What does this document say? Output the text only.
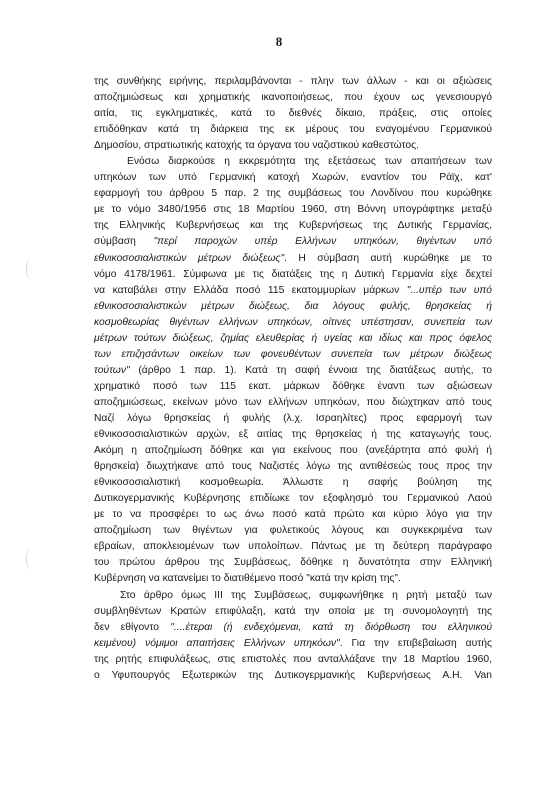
8
της συνθήκης ειρήνης, περιλαμβάνονται - πλην των άλλων - και οι αξιώσεις
αποζημιώσεως και χρηματικής ικανοποιήσεως, που έχουν ως γενεσιουργό
αιτία, τις εγκληματικές, κατά το διεθνές δίκαιο, πράξεις, στις οποίες
επιδόθηκαν κατά τη διάρκεια της εκ μέρους του εναγομένου Γερμανικού
Δημοσίου, στρατιωτικής κατοχής τα όργανα του ναζιστικού καθεστώτος.
Ενόσω διαρκούσε η εκκρεμότητα της εξετάσεως των απαιτήσεων των
υπηκόων των υπό Γερμανική κατοχή Χωρών, εναντίον του Ράϊχ, κατ'
εφαρμογή του άρθρου 5 παρ. 2 της συμβάσεως του Λονδίνου που κυρώθηκε
με το νόμο 3480/1956 στις 18 Μαρτίου 1960, στη Βόννη υπογράφτηκε μεταξύ
της Ελληνικής Κυβερνήσεως και της Κυβερνήσεως της Δυτικής Γερμανίας,
σύμβαση "περί παροχών υπέρ Ελλήνων υπηκόων, θιγέντων υπό
εθνικοσοσιαλιστικών μέτρων διώξεως". Η σύμβαση αυτή κυρώθηκε με το
νόμο 4178/1961. Σύμφωνα με τις διατάξεις της η Δυτική Γερμανία είχε δεχτεί
να καταβάλει στην Ελλάδα ποσό 115 εκατομμυρίων μάρκων "...υπέρ των υπό
εθνικοσοσιαλιστικών μέτρων διώξεως, δια λόγους φυλής, θρησκείας ή
κοσμοθεωρίας θιγέντων ελλήνων υπηκόων, οίτινες υπέστησαν, συνεπεία των
μέτρων τούτων διώξεως, ζημίας ελευθερίας ή υγείας και ιδίως και προς όφελος
των επιζησάντων οικείων των φονευθέντων συνεπεία των μέτρων διώξεως
τούτων" (άρθρο 1 παρ. 1). Κατά τη σαφή έννοια της διατάξεως αυτής, το
χρηματικό ποσό των 115 εκατ. μάρκων δόθηκε έναντι των αξιώσεων
αποζημιώσεως, εκείνων μόνο των ελλήνων υπηκόων, που διώχτηκαν από τους
Ναζί λόγω θρησκείας ή φυλής (λ.χ. Ισραηλίτες) προς εφαρμογή των
εθνικοσοσιαλιστικών αρχών, εξ αιτίας της θρησκείας ή της καταγωγής τους.
Ακόμη η αποζημίωση δόθηκε και για εκείνους που (ανεξάρτητα από φυλή ή
θρησκεία) διωχτήκανε από τους Ναζιστές λόγω της αντιθέσεώς τους προς την
εθνικοσοσιαλιστική κοσμοθεωρία. Άλλωστε η σαφής βούληση της
Δυτικογερμανικής Κυβέρνησης επιδίωκε τον εξοφλησμό του Γερμανικού Λαού
με το να προσφέρει το ως άνω ποσό κατά πρώτο και κύριο λόγο για την
αποζημίωση των θιγέντων για φυλετικούς λόγους και συγκεκριμένα των
εβραίων, αποκλειομένων των υπολοίπων. Πάντως με τη δεύτερη παράγραφο
του πρώτου άρθρου της Συμβάσεως, δόθηκε η δυνατότητα στην Ελληνική
Κυβέρνηση να κατανείμει το διατιθέμενο ποσό "κατά την κρίση της".
Στο άρθρο όμως ΙΙΙ της Συμβάσεως, συμφωνήθηκε η ρητή μεταξύ των
συμβληθέντων Κρατών επιφύλαξη, κατά την οποία με τη συνομολογητή της
δεν εθίγοντο "....έτεραι (ή ενδεχόμεναι, κατά τη διόρθωση του ελληνικού
κειμένου) νόμιμοι απαιτήσεις Ελλήνων υπηκόων". Για την επιβεβαίωση αυτής
της ρητής επιφυλάξεως, στις επιστολές που ανταλλάξανε την 18 Μαρτίου 1960,
ο Υφυπουργός Εξωτερικών της Δυτικογερμανικής Κυβερνήσεως Α.Η. Van
